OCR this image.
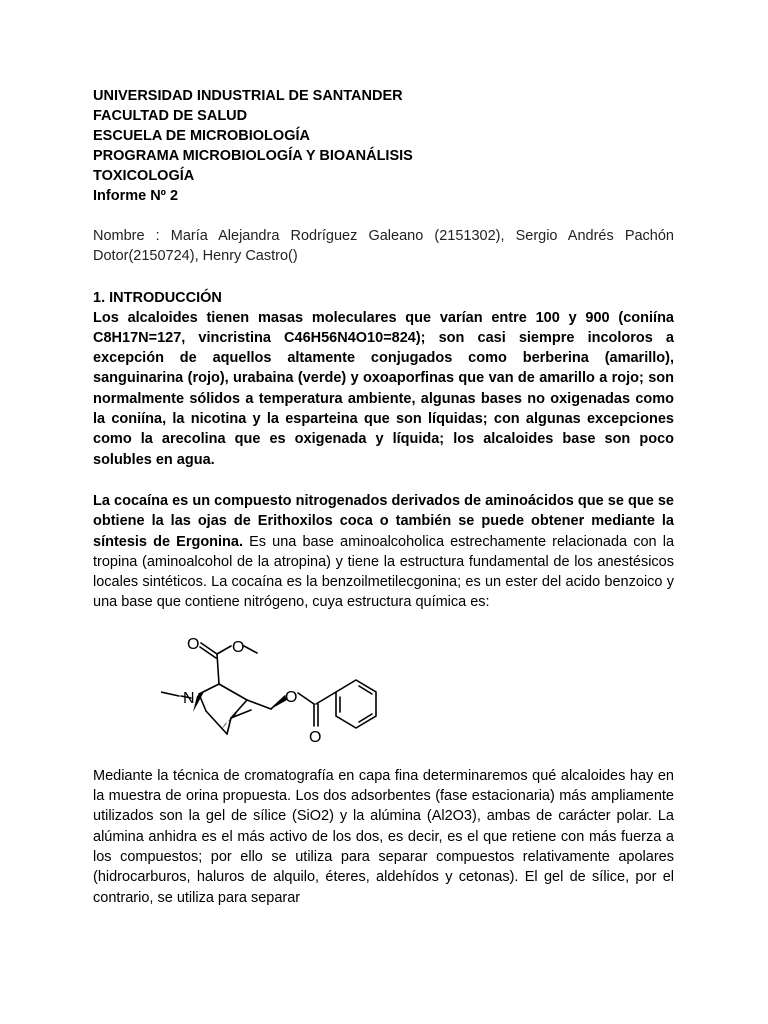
UNIVERSIDAD INDUSTRIAL DE SANTANDER
FACULTAD DE SALUD
ESCUELA DE MICROBIOLOGÍA
PROGRAMA MICROBIOLOGÍA Y BIOANÁLISIS
TOXICOLOGÍA
Informe Nº 2

Nombre : María Alejandra Rodríguez Galeano (2151302), Sergio Andrés Pachón Dotor(2150724), Henry Castro()

1. INTRODUCCIÓN

Los alcaloides tienen masas moleculares que varían entre 100 y 900 (coniína C8H17N=127, vincristina C46H56N4O10=824); son casi siempre incoloros a excepción de aquellos altamente conjugados como berberina (amarillo), sanguinarina (rojo), urabaina (verde) y oxoaporfinas que van de amarillo a rojo; son normalmente sólidos a temperatura ambiente, algunas bases no oxigenadas como la coniína, la nicotina y la esparteina que son líquidas; con algunas excepciones como la arecolina que es oxigenada y líquida; los alcaloides base son poco solubles en agua.

La cocaína es un compuesto nitrogenados derivados de aminoácidos que se que se obtiene la las ojas de Erithoxilos coca o también se puede obtener mediante la síntesis de Ergonina. Es una base aminoalcoholica estrechamente relacionada con la tropina (aminoalcohol de la atropina) y tiene la estructura fundamental de los anestésicos locales sintéticos. La cocaína es la benzoilmetilecgonina; es un ester del acido benzoico y una base que contiene nitrógeno, cuya estructura química es:

O O
N	O
O

Mediante la técnica de cromatografía en capa fina determinaremos qué alcaloides hay en la muestra de orina propuesta. Los dos adsorbentes (fase estacionaria) más ampliamente utilizados son la gel de sílice (SiO2) y la alúmina (Al2O3), ambas de carácter polar. La alúmina anhidra es el más activo de los dos, es decir, es el que retiene con más fuerza a los compuestos; por ello se utiliza para separar compuestos relativamente apolares (hidrocarburos, haluros de alquilo, éteres, aldehídos y cetonas). El gel de sílice, por el contrario, se utiliza para separar
